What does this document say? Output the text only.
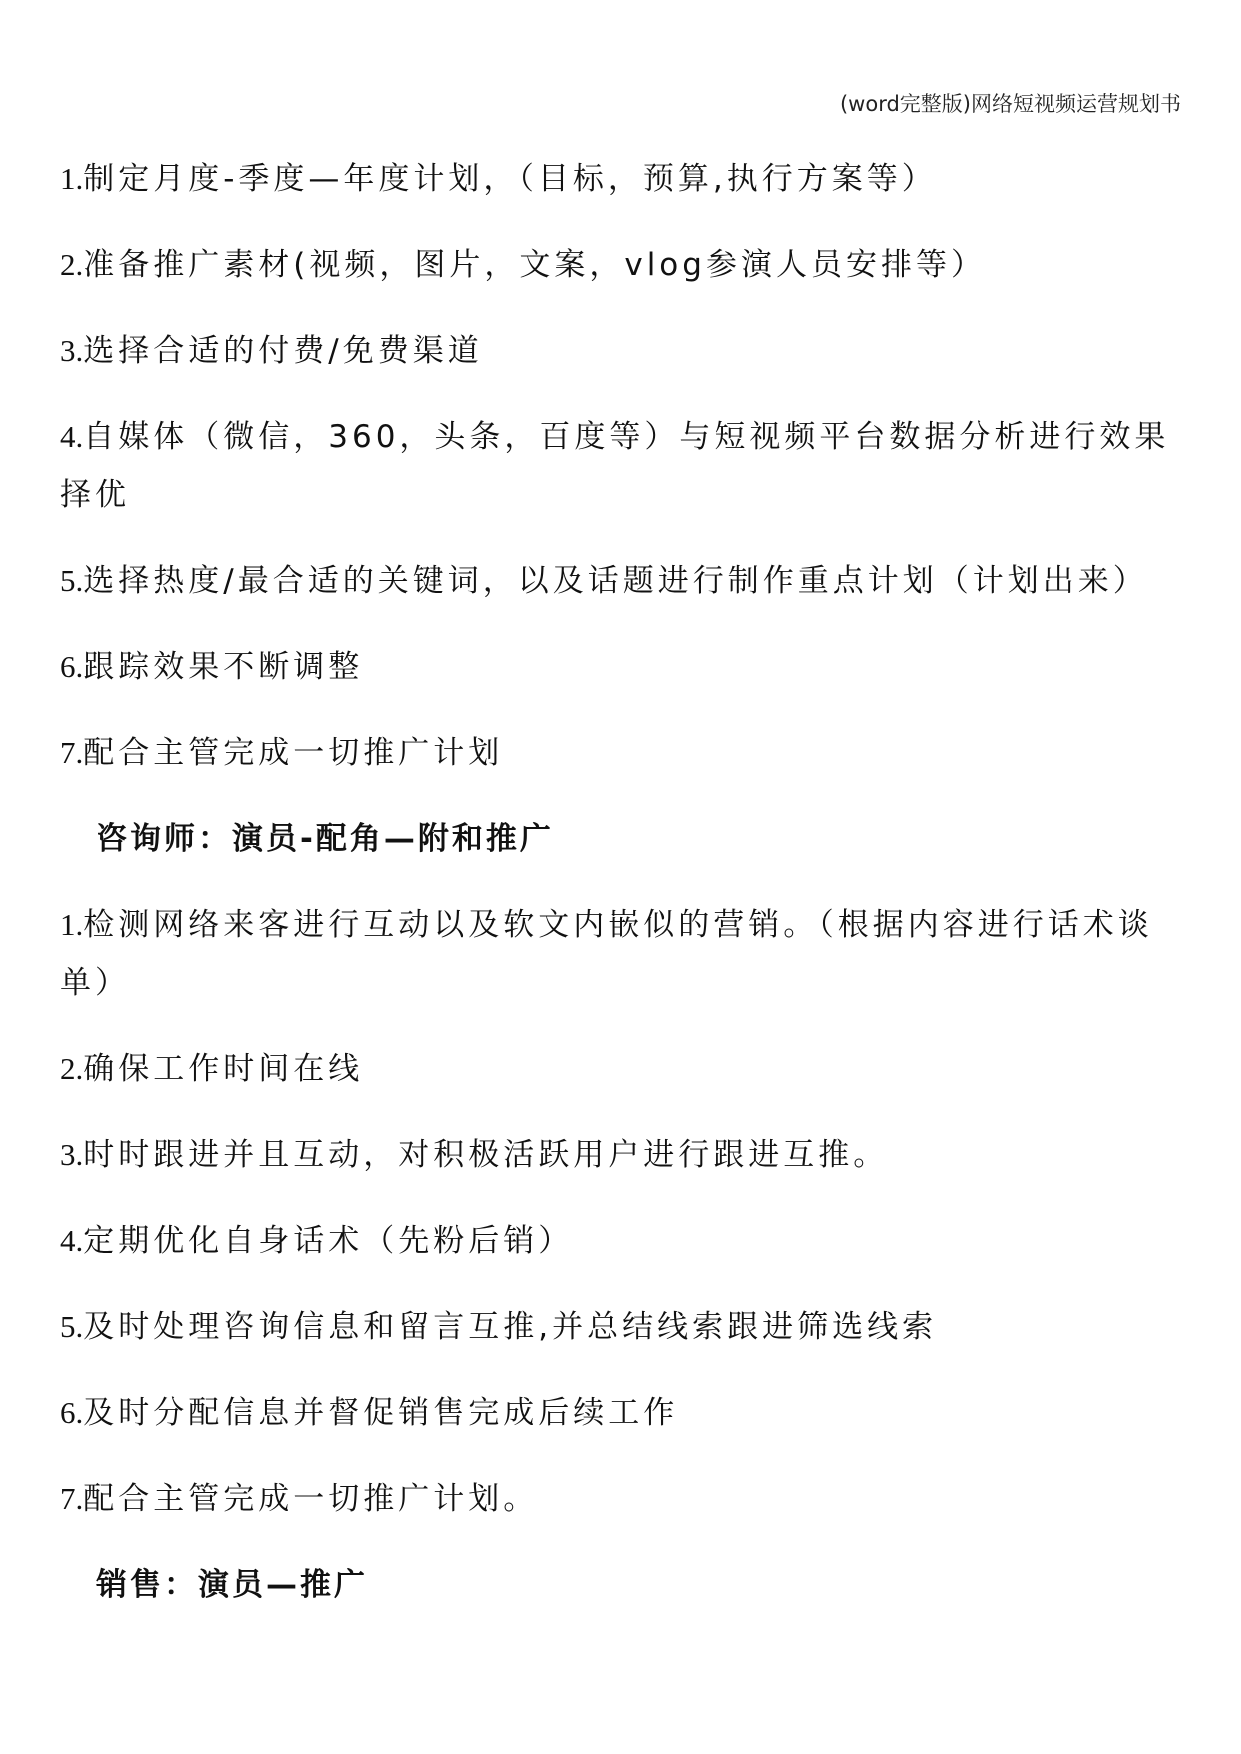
(word完整版)网络短视频运营规划书

1.制定月度-季度—年度计划，（目标，预算,执行方案等）

2.准备推广素材(视频，图片，文案，vlog参演人员安排等）

3.选择合适的付费/免费渠道

4.自媒体（微信，360，头条，百度等）与短视频平台数据分析进行效果择优

5.选择热度/最合适的关键词，以及话题进行制作重点计划（计划出来）

6.跟踪效果不断调整

7.配合主管完成一切推广计划

咨询师：演员-配角—附和推广

1.检测网络来客进行互动以及软文内嵌似的营销。（根据内容进行话术谈单）

2.确保工作时间在线

3.时时跟进并且互动，对积极活跃用户进行跟进互推。

4.定期优化自身话术（先粉后销）

5.及时处理咨询信息和留言互推,并总结线索跟进筛选线索

6.及时分配信息并督促销售完成后续工作

7.配合主管完成一切推广计划。

销售：演员—推广
